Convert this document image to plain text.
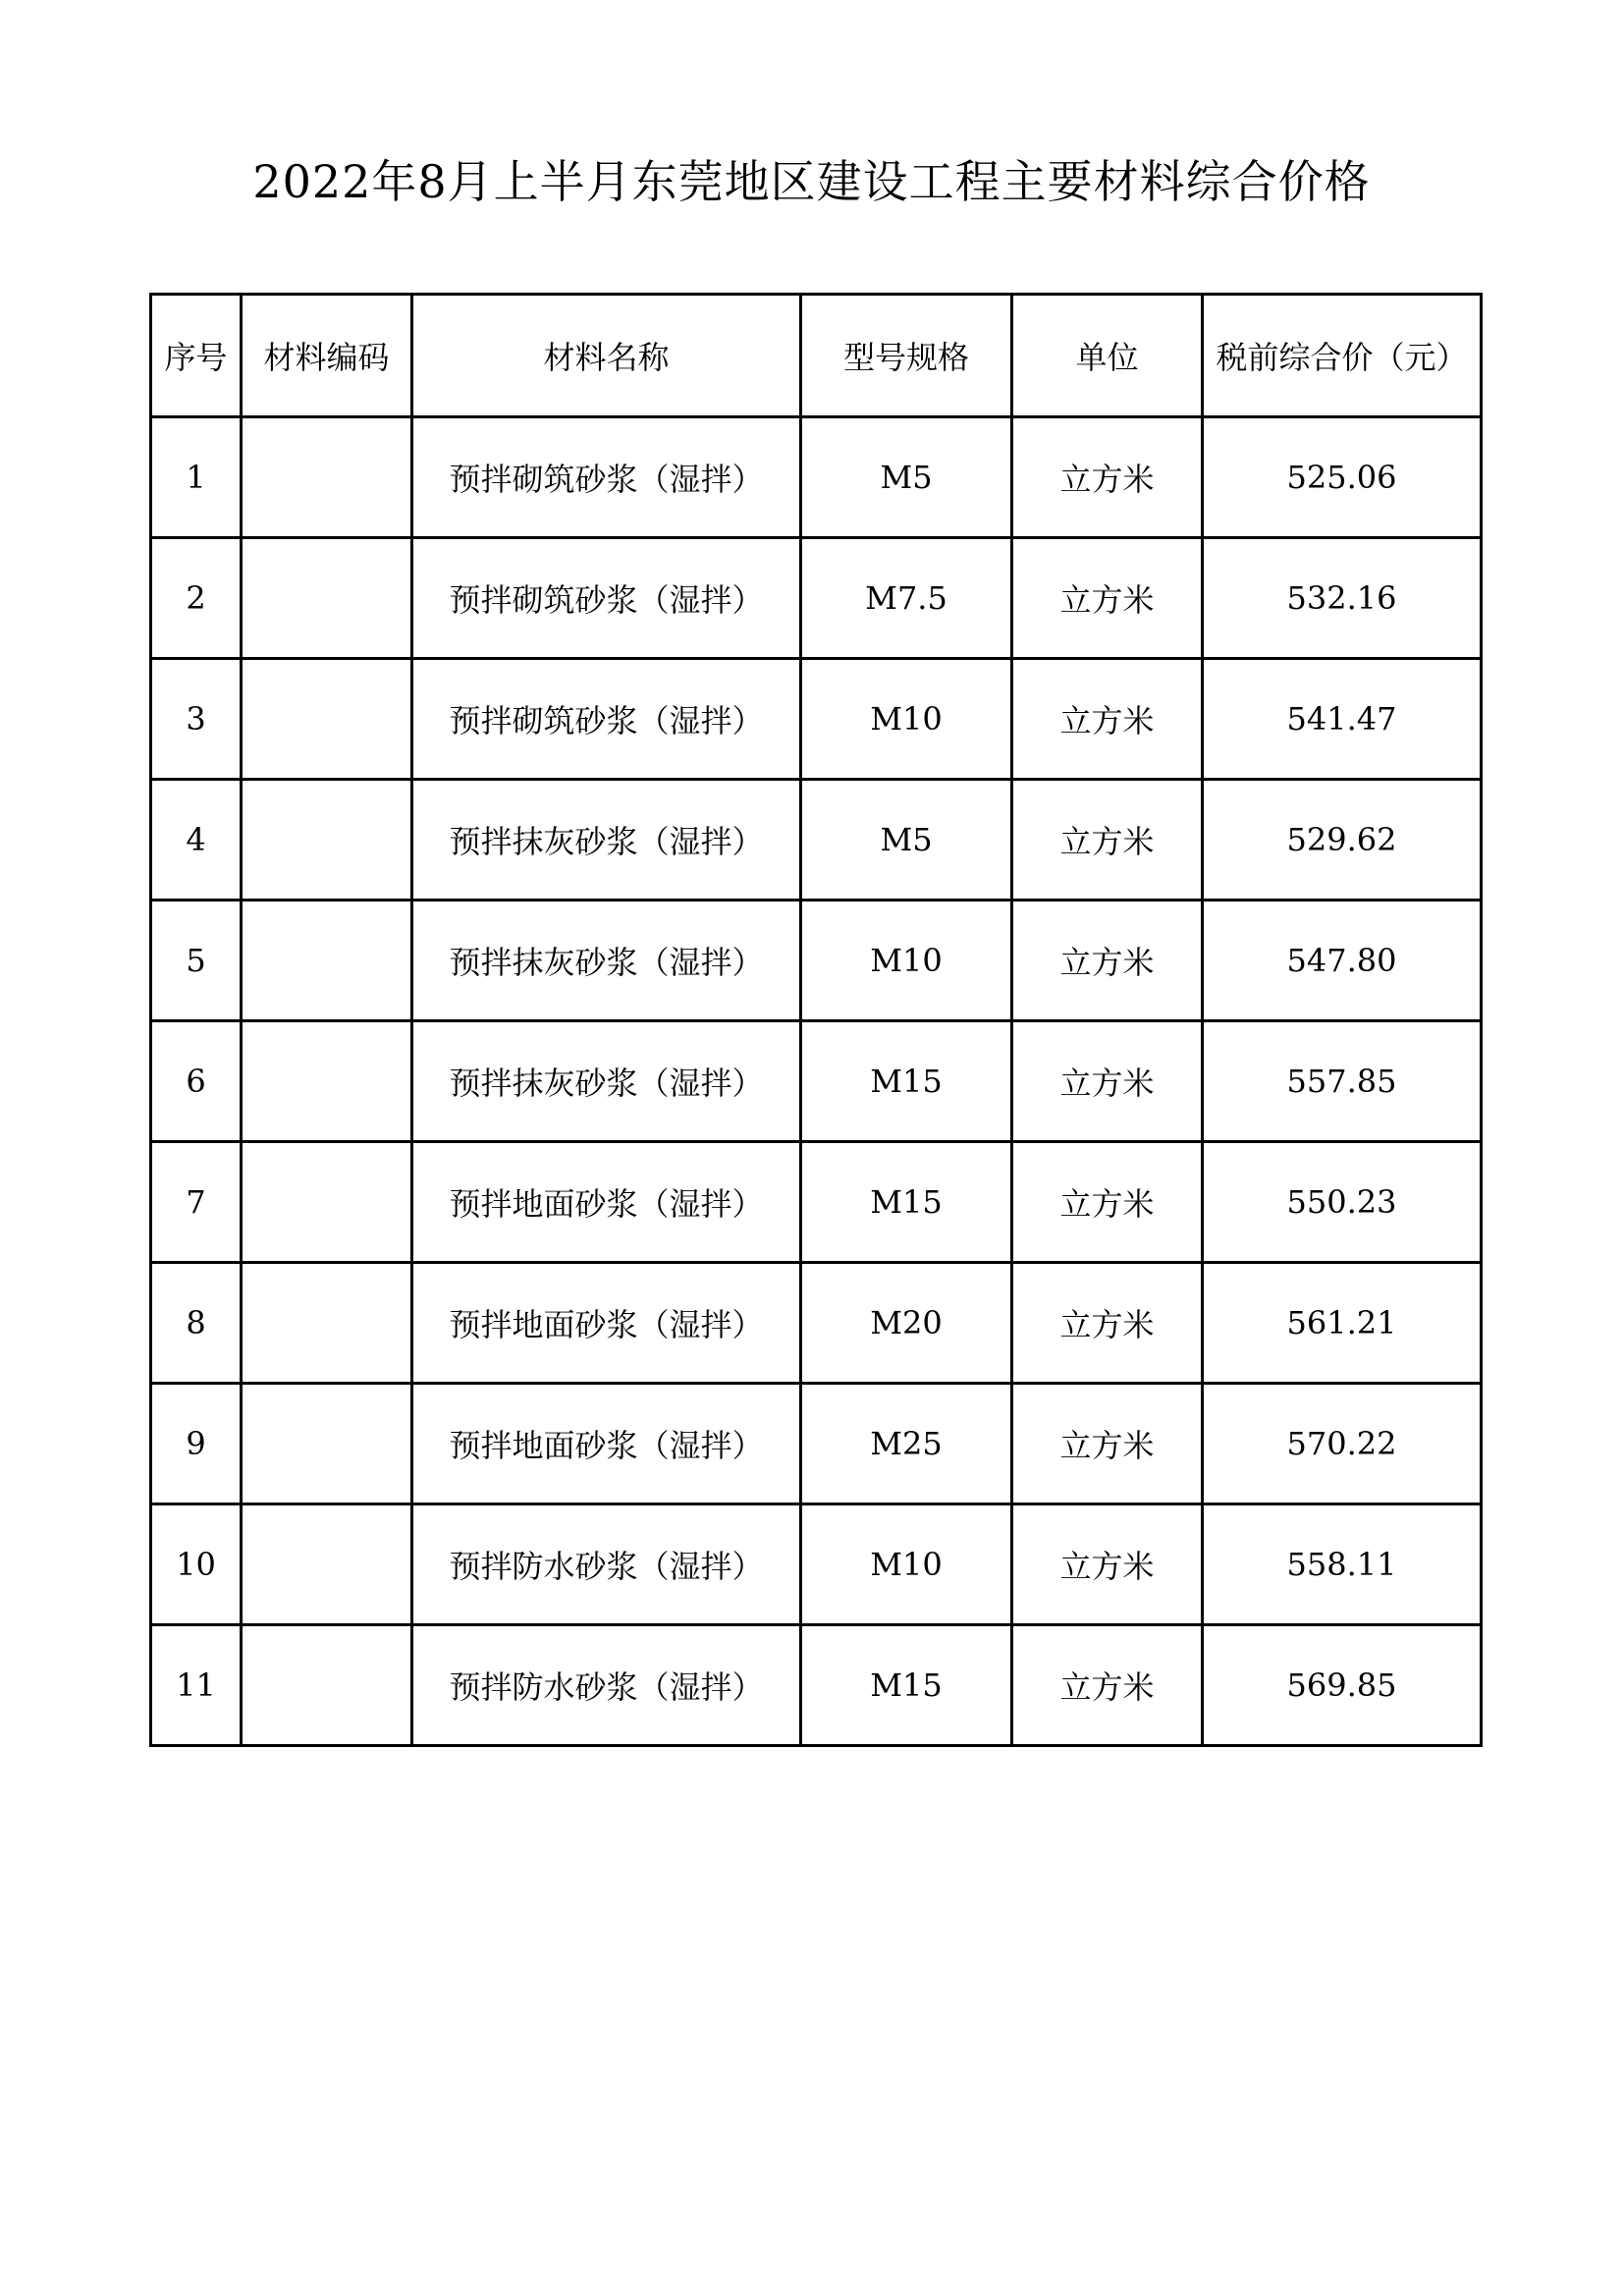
2022年8月上半月东莞地区建设工程主要材料综合价格
序号	材料编码	材料名称	型号规格	单位	税前综合价（元）
1		预拌砌筑砂浆（湿拌）	M5	立方米	525.06
2		预拌砌筑砂浆（湿拌）	M7.5	立方米	532.16
3		预拌砌筑砂浆（湿拌）	M10	立方米	541.47
4		预拌抹灰砂浆（湿拌）	M5	立方米	529.62
5		预拌抹灰砂浆（湿拌）	M10	立方米	547.80
6		预拌抹灰砂浆（湿拌）	M15	立方米	557.85
7		预拌地面砂浆（湿拌）	M15	立方米	550.23
8		预拌地面砂浆（湿拌）	M20	立方米	561.21
9		预拌地面砂浆（湿拌）	M25	立方米	570.22
10		预拌防水砂浆（湿拌）	M10	立方米	558.11
11		预拌防水砂浆（湿拌）	M15	立方米	569.85
